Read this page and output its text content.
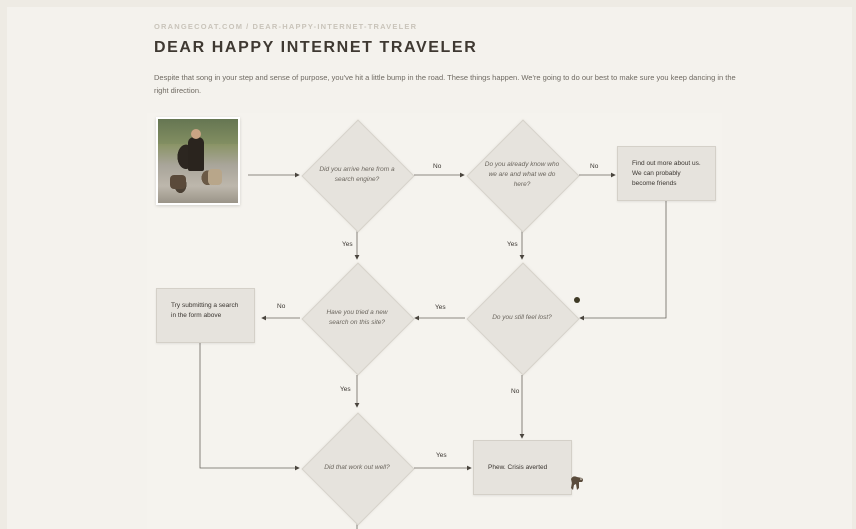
ORANGECOAT.COM / DEAR-HAPPY-INTERNET-TRAVELER
DEAR HAPPY INTERNET TRAVELER

Despite that song in your step and sense of purpose, you've hit a little bump in the road. These things happen. We're going to do our best to make sure you keep dancing in the right direction.

Did you arrive here from a search engine?
Do you already know who we are and what we do here?
Find out more about us. We can probably become friends
Have you tried a new search on this site?
Do you still feel lost?
Try submitting a search in the form above
Did that work out well?	Phew. Crisis averted
No	No
Yes	Yes
No	Yes
Yes	No
Yes
